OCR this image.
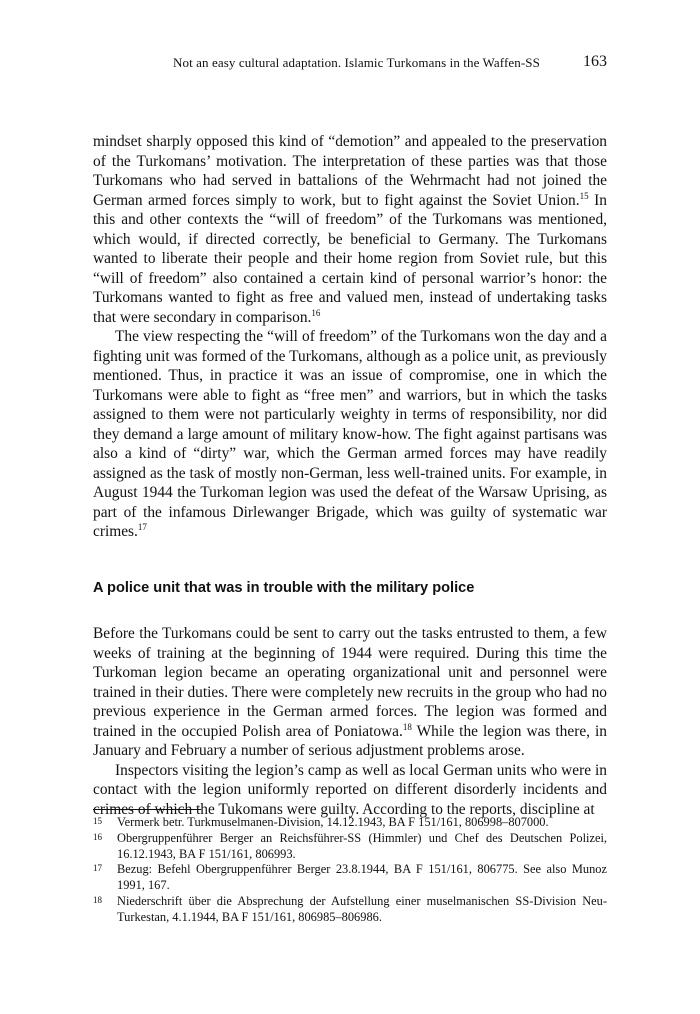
Not an easy cultural adaptation. Islamic Turkomans in the Waffen-SS	163

mindset sharply opposed this kind of “demotion” and appealed to the preservation of the Turkomans’ motivation. The interpretation of these parties was that those Turkomans who had served in battalions of the Wehrmacht had not joined the German armed forces simply to work, but to fight against the Soviet Union.$^{15}$ In this and other contexts the “will of freedom” of the Turkomans was mentioned, which would, if directed correctly, be beneficial to Germany. The Turkomans wanted to liberate their people and their home region from Soviet rule, but this “will of freedom” also contained a certain kind of personal warrior’s honor: the Turkomans wanted to fight as free and valued men, instead of undertaking tasks that were secondary in comparison.$^{16}$

The view respecting the “will of freedom” of the Turkomans won the day and a fighting unit was formed of the Turkomans, although as a police unit, as previously mentioned. Thus, in practice it was an issue of compromise, one in which the Turkomans were able to fight as “free men” and warriors, but in which the tasks assigned to them were not particularly weighty in terms of responsibility, nor did they demand a large amount of military know-how. The fight against partisans was also a kind of “dirty” war, which the German armed forces may have readily assigned as the task of mostly non-German, less well-trained units. For example, in August 1944 the Turkoman legion was used the defeat of the Warsaw Uprising, as part of the infamous Dirlewanger Brigade, which was guilty of systematic war crimes.$^{17}$

A police unit that was in trouble with the military police

Before the Turkomans could be sent to carry out the tasks entrusted to them, a few weeks of training at the beginning of 1944 were required. During this time the Turkoman legion became an operating organizational unit and personnel were trained in their duties. There were completely new recruits in the group who had no previous experience in the German armed forces. The legion was formed and trained in the occupied Polish area of Poniatowa.$^{18}$ While the legion was there, in January and February a number of serious adjustment problems arose.

Inspectors visiting the legion’s camp as well as local German units who were in contact with the legion uniformly reported on different disorderly incidents and crimes of which the Tukomans were guilty. According to the reports, discipline at

15 Vermerk betr. Turkmuselmanen-Division, 14.12.1943, BA F 151/161, 806998–807000.
16 Obergruppenführer Berger an Reichsführer-SS (Himmler) und Chef des Deutschen Polizei, 16.12.1943, BA F 151/161, 806993.
17 Bezug: Befehl Obergruppenführer Berger 23.8.1944, BA F 151/161, 806775. See also Munoz 1991, 167.
18 Niederschrift über die Absprechung der Aufstellung einer muselmanischen SS-Division Neu-Turkestan, 4.1.1944, BA F 151/161, 806985–806986.
